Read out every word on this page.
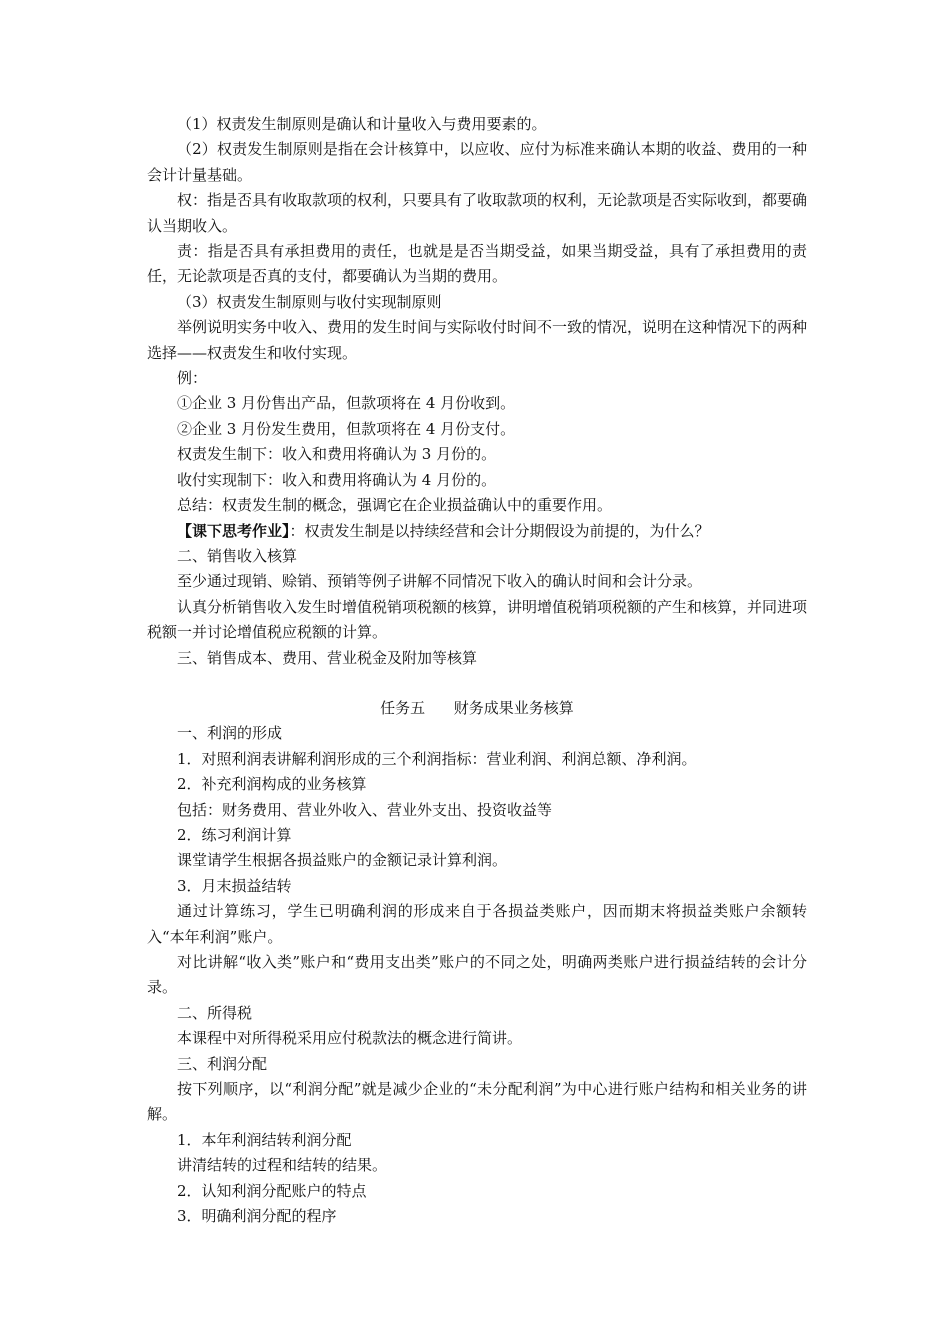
（1）权责发生制原则是确认和计量收入与费用要素的。

（2）权责发生制原则是指在会计核算中，以应收、应付为标准来确认本期的收益、费用的一种会计计量基础。

权：指是否具有收取款项的权利，只要具有了收取款项的权利，无论款项是否实际收到，都要确认当期收入。

责：指是否具有承担费用的责任，也就是是否当期受益，如果当期受益，具有了承担费用的责任，无论款项是否真的支付，都要确认为当期的费用。

（3）权责发生制原则与收付实现制原则

举例说明实务中收入、费用的发生时间与实际收付时间不一致的情况，说明在这种情况下的两种选择——权责发生和收付实现。

例：

①企业 3 月份售出产品，但款项将在 4 月份收到。

②企业 3 月份发生费用，但款项将在 4 月份支付。

权责发生制下：收入和费用将确认为 3 月份的。

收付实现制下：收入和费用将确认为 4 月份的。

总结：权责发生制的概念，强调它在企业损益确认中的重要作用。

【课下思考作业】：权责发生制是以持续经营和会计分期假设为前提的，为什么？

二、销售收入核算

至少通过现销、赊销、预销等例子讲解不同情况下收入的确认时间和会计分录。

认真分析销售收入发生时增值税销项税额的核算，讲明增值税销项税额的产生和核算，并同进项税额一并讨论增值税应税额的计算。

三、销售成本、费用、营业税金及附加等核算

任务五 财务成果业务核算

一、利润的形成

1．对照利润表讲解利润形成的三个利润指标：营业利润、利润总额、净利润。

2．补充利润构成的业务核算

包括：财务费用、营业外收入、营业外支出、投资收益等

2．练习利润计算

课堂请学生根据各损益账户的金额记录计算利润。

3．月末损益结转

通过计算练习，学生已明确利润的形成来自于各损益类账户，因而期末将损益类账户余额转入“本年利润”账户。

对比讲解“收入类”账户和“费用支出类”账户的不同之处，明确两类账户进行损益结转的会计分录。

二、所得税

本课程中对所得税采用应付税款法的概念进行简讲。

三、利润分配

按下列顺序，以“利润分配”就是减少企业的“未分配利润”为中心进行账户结构和相关业务的讲解。

1．本年利润结转利润分配

讲清结转的过程和结转的结果。

2．认知利润分配账户的特点

3．明确利润分配的程序
